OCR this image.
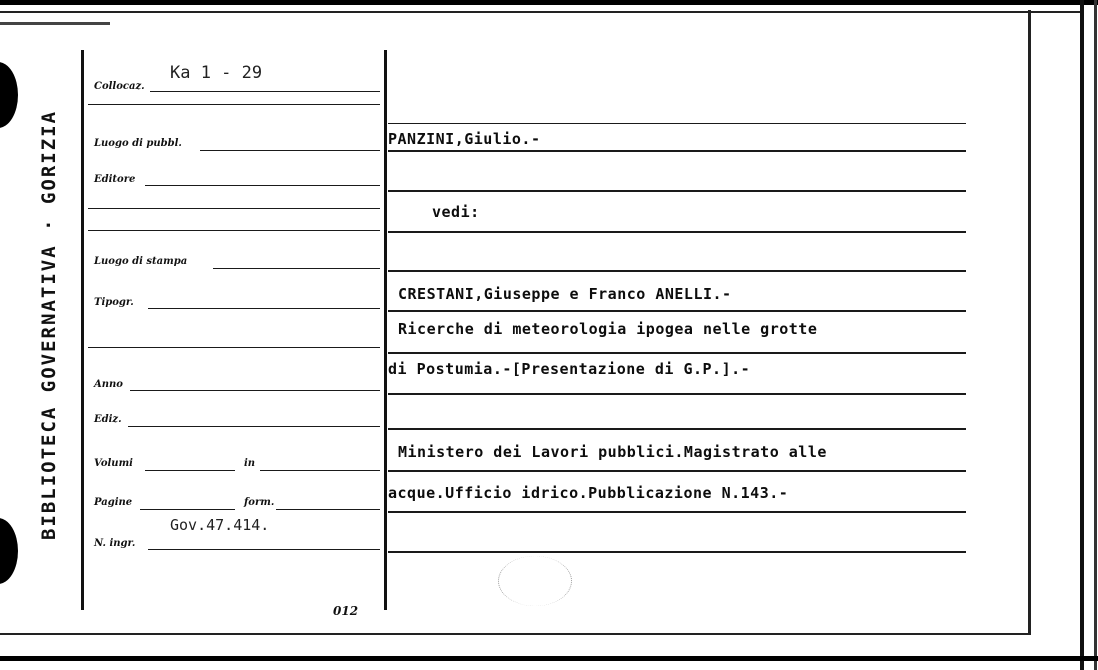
BIBLIOTECA GOVERNATIVA · GORIZIA
Collocaz.
Ka 1 - 29
Luogo di pubbl.
Editore
Luogo di stampa
Tipogr.
Anno
Ediz.
Volumi	in
Pagine	form.
Gov.47.414.
N. ingr.
012
PANZINI,Giulio.-
vedi:
CRESTANI,Giuseppe e Franco ANELLI.-
Ricerche di meteorologia ipogea nelle grotte
di Postumia.-[Presentazione di G.P.].-
Ministero dei Lavori pubblici.Magistrato alle
acque.Ufficio idrico.Pubblicazione N.143.-
